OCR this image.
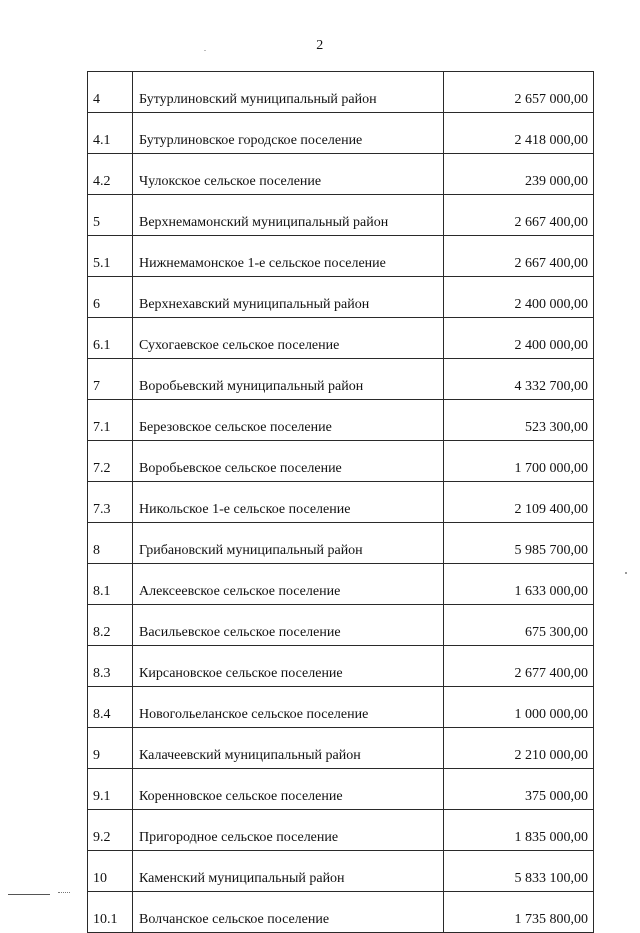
2
4	Бутурлиновский муниципальный район	2 657 000,00
4.1	Бутурлиновское городское поселение	2 418 000,00
4.2	Чулокское сельское поселение	239 000,00
5	Верхнемамонский муниципальный район	2 667 400,00
5.1	Нижнемамонское 1-е сельское поселение	2 667 400,00
6	Верхнехавский муниципальный район	2 400 000,00
6.1	Сухогаевское сельское поселение	2 400 000,00
7	Воробьевский муниципальный район	4 332 700,00
7.1	Березовское сельское поселение	523 300,00
7.2	Воробьевское сельское поселение	1 700 000,00
7.3	Никольское 1-е сельское поселение	2 109 400,00
8	Грибановский муниципальный район	5 985 700,00
8.1	Алексеевское сельское поселение	1 633 000,00
8.2	Васильевское сельское поселение	675 300,00
8.3	Кирсановское сельское поселение	2 677 400,00
8.4	Новогольеланское сельское поселение	1 000 000,00
9	Калачеевский муниципальный район	2 210 000,00
9.1	Коренновское сельское поселение	375 000,00
9.2	Пригородное сельское поселение	1 835 000,00
10	Каменский муниципальный район	5 833 100,00
10.1	Волчанское сельское поселение	1 735 800,00
